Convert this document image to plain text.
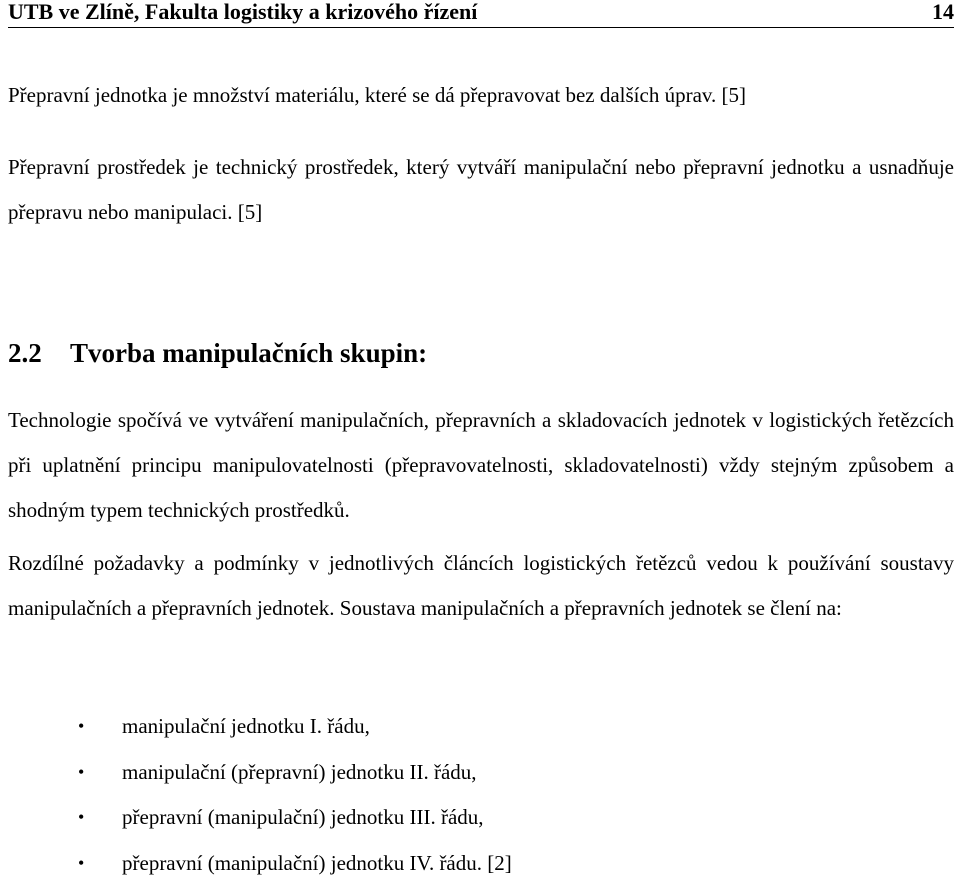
UTB ve Zlíně, Fakulta logistiky a krizového řízení	14

Přepravní jednotka je množství materiálu, které se dá přepravovat bez dalších úprav. [5]

Přepravní prostředek je technický prostředek, který vytváří manipulační nebo přepravní jednotku a usnadňuje přepravu nebo manipulaci. [5]

2.2 Tvorba manipulačních skupin:

Technologie spočívá ve vytváření manipulačních, přepravních a skladovacích jednotek v logistických řetězcích při uplatnění principu manipulovatelnosti (přepravovatelnosti, skladovatelnosti) vždy stejným způsobem a shodným typem technických prostředků.

Rozdílné požadavky a podmínky v jednotlivých článcích logistických řetězců vedou k používání soustavy manipulačních a přepravních jednotek. Soustava manipulačních a přepravních jednotek se člení na:

• manipulační jednotku I. řádu,
• manipulační (přepravní) jednotku II. řádu,
• přepravní (manipulační) jednotku III. řádu,
• přepravní (manipulační) jednotku IV. řádu. [2]
